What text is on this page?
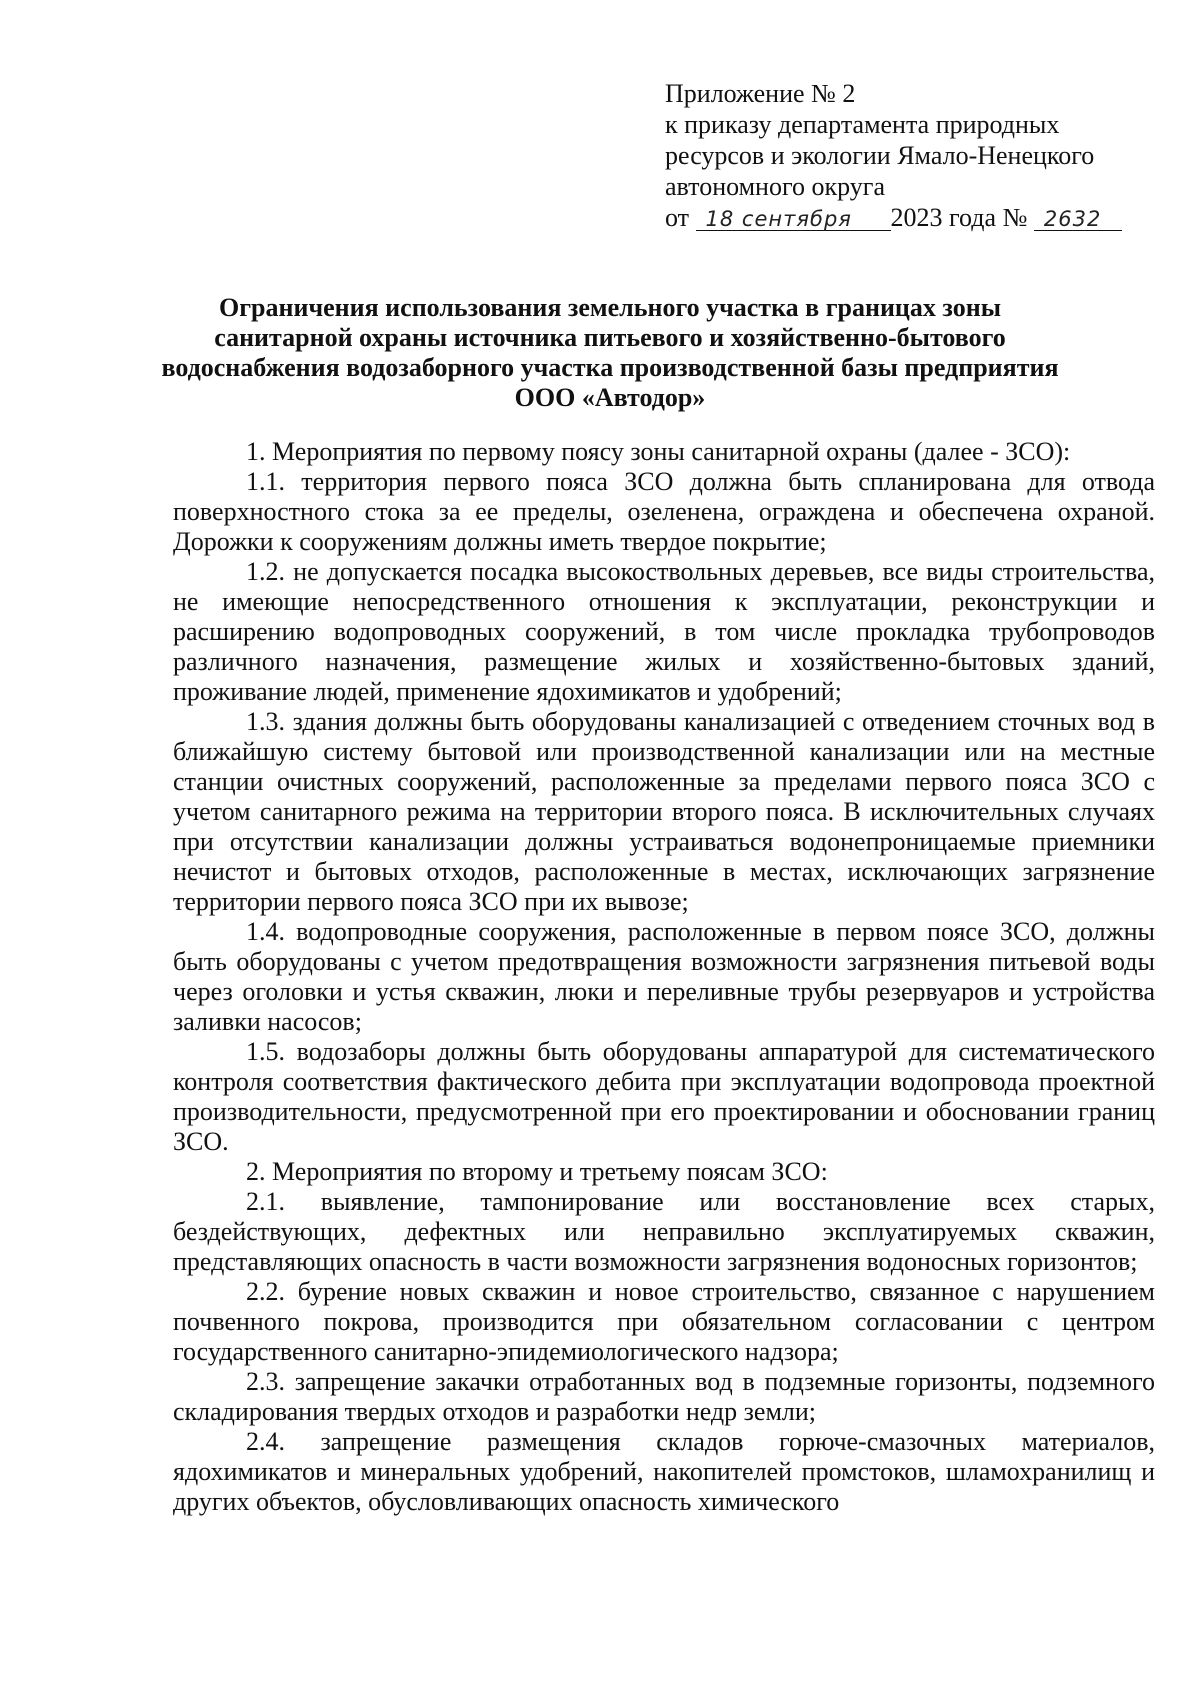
Приложение № 2
к приказу департамента природных
ресурсов и экологии Ямало-Ненецкого
автономного округа
от 18 сентября 2023 года № 2632
Ограничения использования земельного участка в границах зоны санитарной охраны источника питьевого и хозяйственно-бытового водоснабжения водозаборного участка производственной базы предприятия ООО «Автодор»

1. Мероприятия по первому поясу зоны санитарной охраны (далее - ЗСО):

1.1. территория первого пояса ЗСО должна быть спланирована для отвода поверхностного стока за ее пределы, озеленена, ограждена и обеспечена охраной. Дорожки к сооружениям должны иметь твердое покрытие;

1.2. не допускается посадка высокоствольных деревьев, все виды строительства, не имеющие непосредственного отношения к эксплуатации, реконструкции и расширению водопроводных сооружений, в том числе прокладка трубопроводов различного назначения, размещение жилых и хозяйственно-бытовых зданий, проживание людей, применение ядохимикатов и удобрений;

1.3. здания должны быть оборудованы канализацией с отведением сточных вод в ближайшую систему бытовой или производственной канализации или на местные станции очистных сооружений, расположенные за пределами первого пояса ЗСО с учетом санитарного режима на территории второго пояса. В исключительных случаях при отсутствии канализации должны устраиваться водонепроницаемые приемники нечистот и бытовых отходов, расположенные в местах, исключающих загрязнение территории первого пояса ЗСО при их вывозе;

1.4. водопроводные сооружения, расположенные в первом поясе ЗСО, должны быть оборудованы с учетом предотвращения возможности загрязнения питьевой воды через оголовки и устья скважин, люки и переливные трубы резервуаров и устройства заливки насосов;

1.5. водозаборы должны быть оборудованы аппаратурой для систематического контроля соответствия фактического дебита при эксплуатации водопровода проектной производительности, предусмотренной при его проектировании и обосновании границ ЗСО.

2. Мероприятия по второму и третьему поясам ЗСО:

2.1. выявление, тампонирование или восстановление всех старых, бездействующих, дефектных или неправильно эксплуатируемых скважин, представляющих опасность в части возможности загрязнения водоносных горизонтов;

2.2. бурение новых скважин и новое строительство, связанное с нарушением почвенного покрова, производится при обязательном согласовании с центром государственного санитарно-эпидемиологического надзора;

2.3. запрещение закачки отработанных вод в подземные горизонты, подземного складирования твердых отходов и разработки недр земли;

2.4. запрещение размещения складов горюче-смазочных материалов, ядохимикатов и минеральных удобрений, накопителей промстоков, шламохранилищ и других объектов, обусловливающих опасность химического
